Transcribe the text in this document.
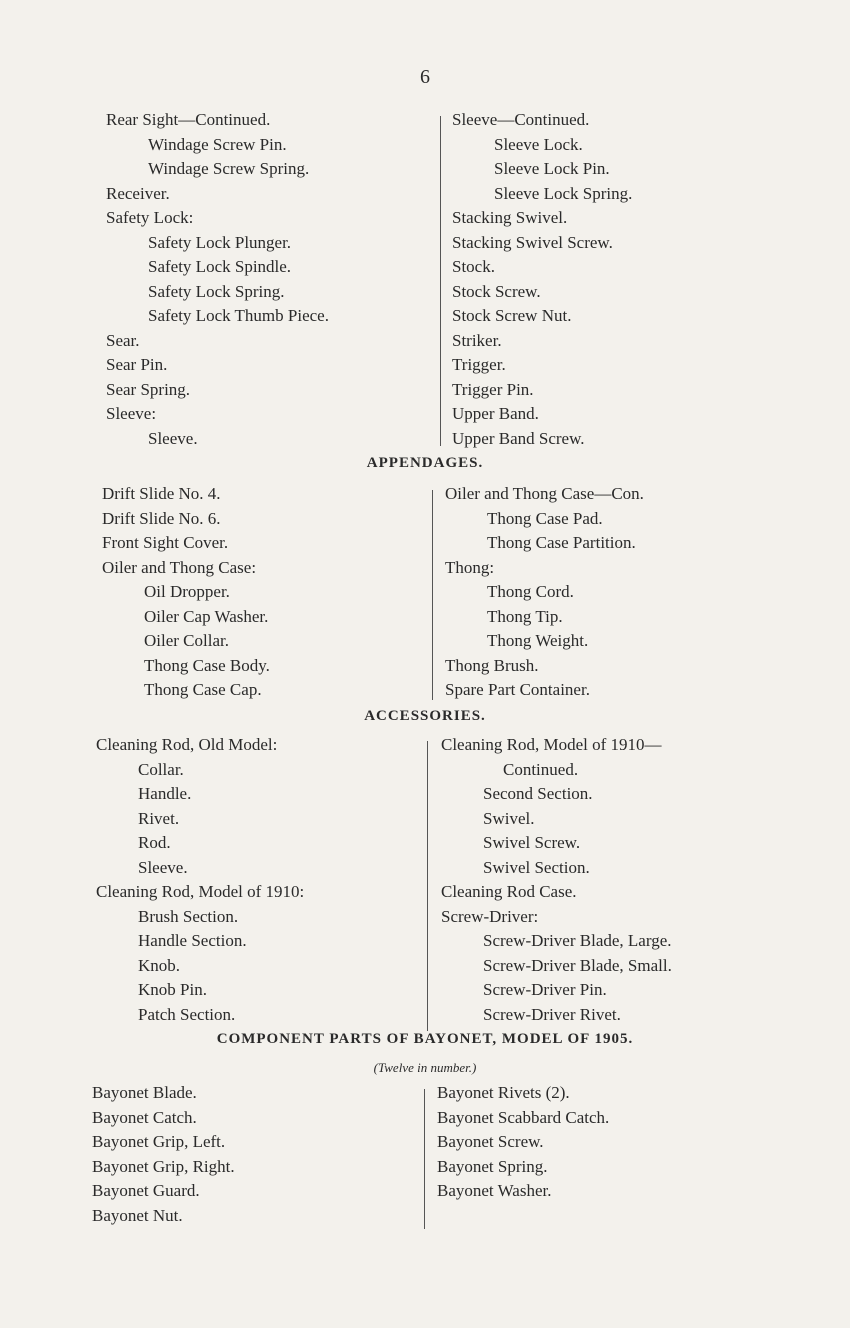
6
Rear Sight—Continued.
Windage Screw Pin.
Windage Screw Spring.
Receiver.
Safety Lock:
Safety Lock Plunger.
Safety Lock Spindle.
Safety Lock Spring.
Safety Lock Thumb Piece.
Sear.
Sear Pin.
Sear Spring.
Sleeve:
Sleeve.
Sleeve—Continued.
Sleeve Lock.
Sleeve Lock Pin.
Sleeve Lock Spring.
Stacking Swivel.
Stacking Swivel Screw.
Stock.
Stock Screw.
Stock Screw Nut.
Striker.
Trigger.
Trigger Pin.
Upper Band.
Upper Band Screw.
APPENDAGES.
Drift Slide No. 4.
Drift Slide No. 6.
Front Sight Cover.
Oiler and Thong Case:
Oil Dropper.
Oiler Cap Washer.
Oiler Collar.
Thong Case Body.
Thong Case Cap.
Oiler and Thong Case—Con.
Thong Case Pad.
Thong Case Partition.
Thong:
Thong Cord.
Thong Tip.
Thong Weight.
Thong Brush.
Spare Part Container.
ACCESSORIES.
Cleaning Rod, Old Model:
Collar.
Handle.
Rivet.
Rod.
Sleeve.
Cleaning Rod, Model of 1910:
Brush Section.
Handle Section.
Knob.
Knob Pin.
Patch Section.
Cleaning Rod, Model of 1910—
Continued.
Second Section.
Swivel.
Swivel Screw.
Swivel Section.
Cleaning Rod Case.
Screw-Driver:
Screw-Driver Blade, Large.
Screw-Driver Blade, Small.
Screw-Driver Pin.
Screw-Driver Rivet.
COMPONENT PARTS OF BAYONET, MODEL OF 1905.
(Twelve in number.)
Bayonet Blade.
Bayonet Catch.
Bayonet Grip, Left.
Bayonet Grip, Right.
Bayonet Guard.
Bayonet Nut.
Bayonet Rivets (2).
Bayonet Scabbard Catch.
Bayonet Screw.
Bayonet Spring.
Bayonet Washer.
